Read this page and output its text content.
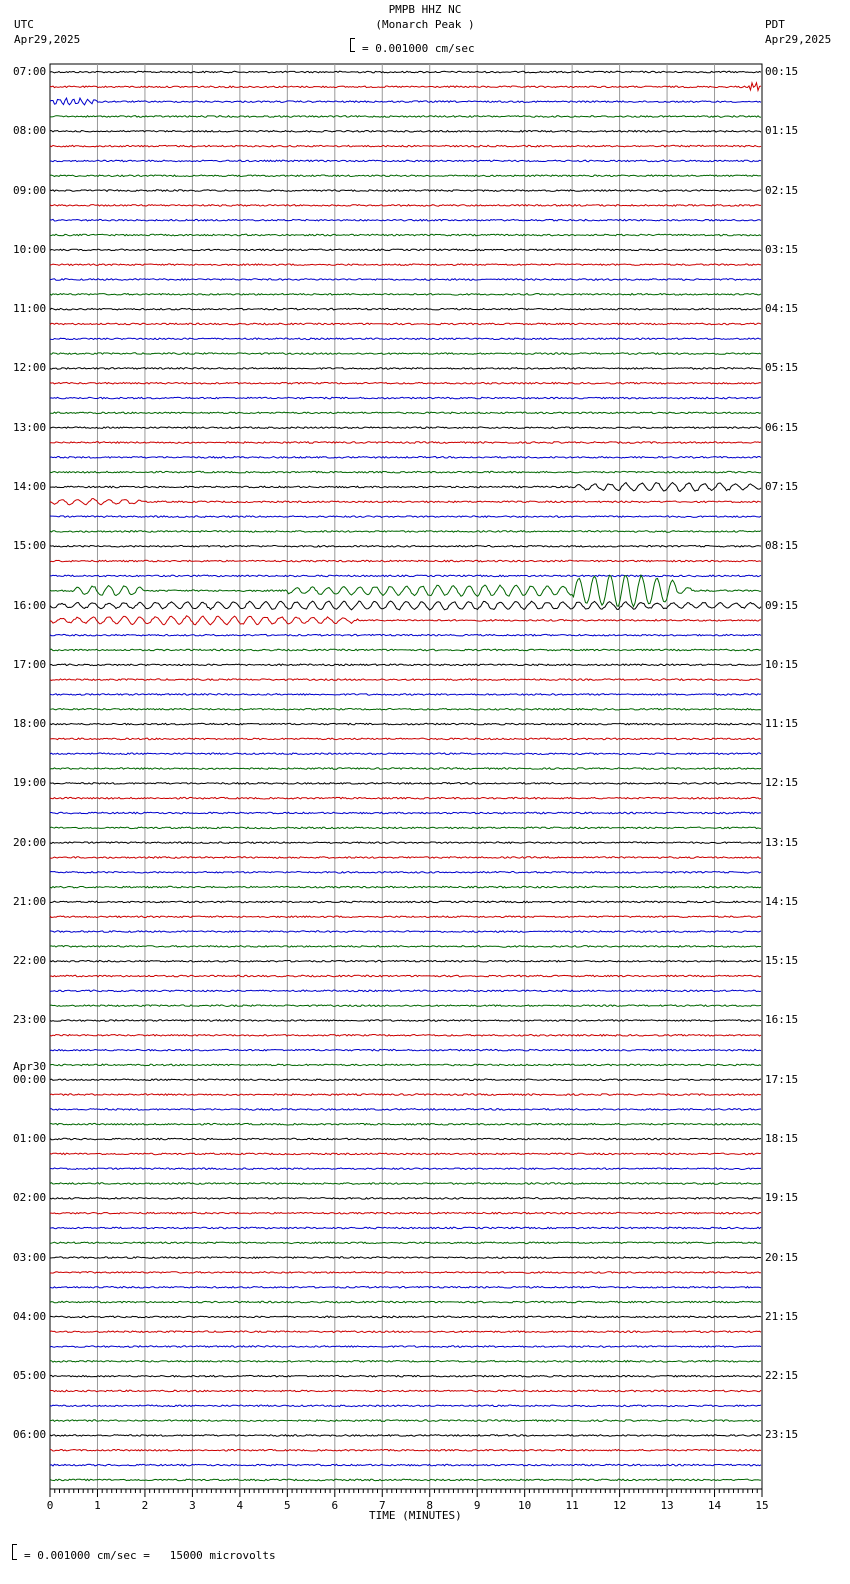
PMPB HHZ NC
(Monarch Peak )
= 0.001000 cm/sec
UTC
Apr29,2025
PDT
Apr29,2025
07:00
08:00
09:00
10:00
11:00
12:00
13:00
14:00
15:00
16:00
17:00
18:00
19:00
20:00
21:00
22:00
23:00
00:00
Apr30
01:00
02:00
03:00
04:00
05:00
06:00
00:15
01:15
02:15
03:15
04:15
05:15
06:15
07:15
08:15
09:15
10:15
11:15
12:15
13:15
14:15
15:15
16:15
17:15
18:15
19:15
20:15
21:15
22:15
23:15
0	1	2	3	4	5	6	7	8	9	10	11	12	13	14	15
TIME (MINUTES)
= 0.001000 cm/sec =   15000 microvolts
